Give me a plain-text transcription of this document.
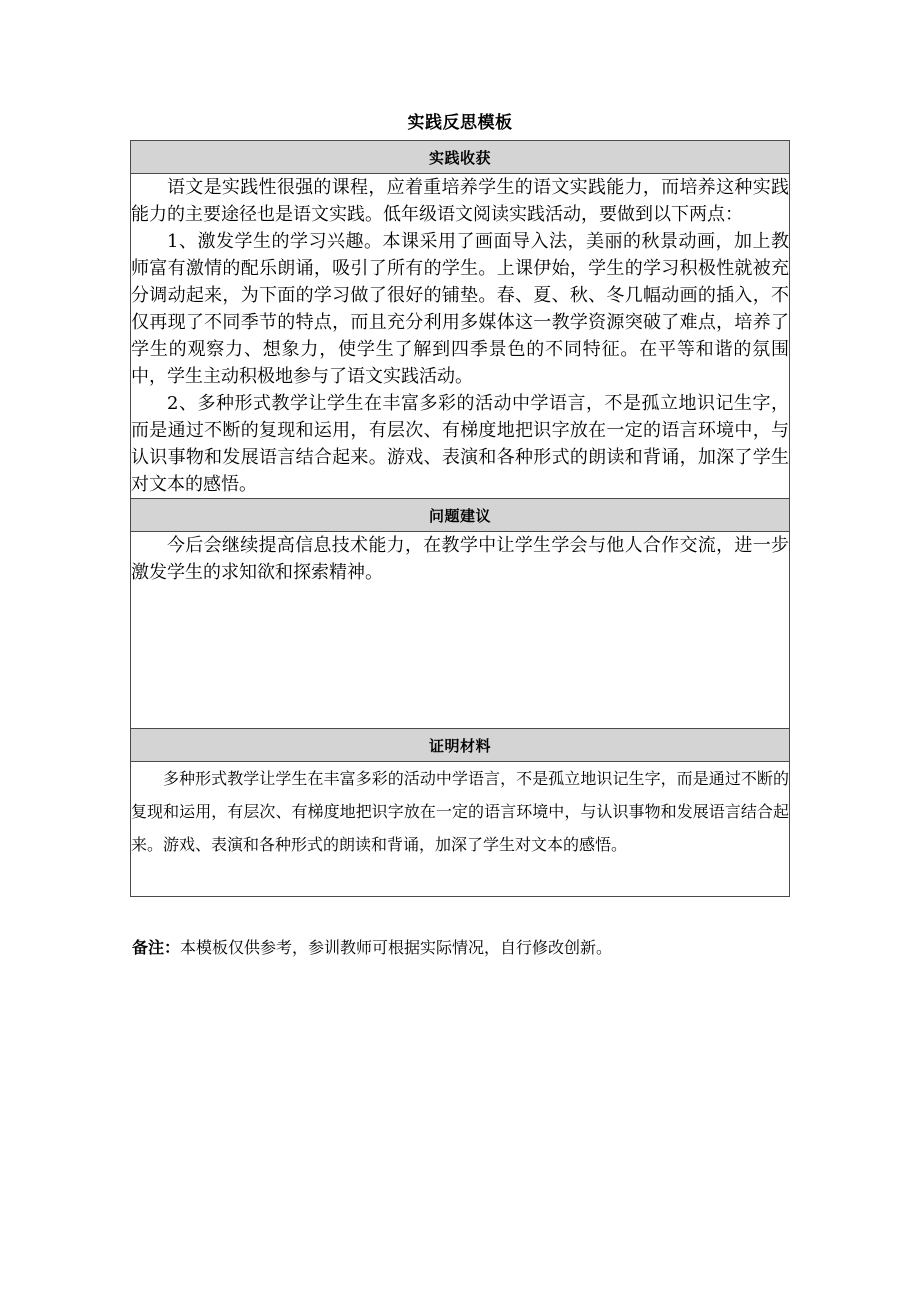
实践反思模板
实践收获

语文是实践性很强的课程，应着重培养学生的语文实践能力，而培养这种实践能力的主要途径也是语文实践。低年级语文阅读实践活动，要做到以下两点：

1、激发学生的学习兴趣。本课采用了画面导入法，美丽的秋景动画，加上教师富有激情的配乐朗诵，吸引了所有的学生。上课伊始，学生的学习积极性就被充分调动起来，为下面的学习做了很好的铺垫。春、夏、秋、冬几幅动画的插入，不仅再现了不同季节的特点，而且充分利用多媒体这一教学资源突破了难点，培养了学生的观察力、想象力，使学生了解到四季景色的不同特征。在平等和谐的氛围中，学生主动积极地参与了语文实践活动。

2、多种形式教学让学生在丰富多彩的活动中学语言，不是孤立地识记生字，而是通过不断的复现和运用，有层次、有梯度地把识字放在一定的语言环境中，与认识事物和发展语言结合起来。游戏、表演和各种形式的朗读和背诵，加深了学生对文本的感悟。

问题建议

今后会继续提高信息技术能力，在教学中让学生学会与他人合作交流，进一步激发学生的求知欲和探索精神。

证明材料

多种形式教学让学生在丰富多彩的活动中学语言，不是孤立地识记生字，而是通过不断的复现和运用，有层次、有梯度地把识字放在一定的语言环境中，与认识事物和发展语言结合起来。游戏、表演和各种形式的朗读和背诵，加深了学生对文本的感悟。

备注：本模板仅供参考，参训教师可根据实际情况，自行修改创新。
